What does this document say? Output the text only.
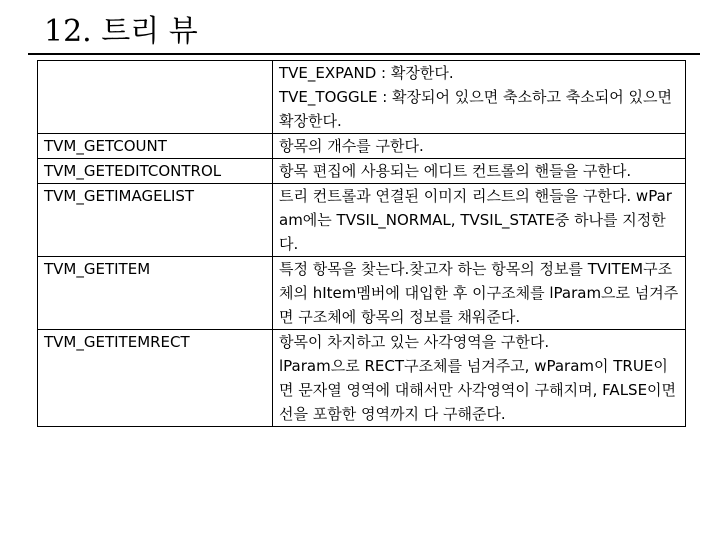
12. 트리 뷰

	TVE_EXPAND : 확장한다.
TVE_TOGGLE : 확장되어 있으면 축소하고 축소되어 있으면 확장한다.

TVM_GETCOUNT	항목의 개수를 구한다.

TVM_GETEDITCONTROL	항목 편집에 사용되는 에디트 컨트롤의 핸들을 구한다.

TVM_GETIMAGELIST	트리 컨트롤과 연결된 이미지 리스트의 핸들을 구한다. wParam에는 TVSIL_NORMAL, TVSIL_STATE중 하나를 지정한다.

TVM_GETITEM	특정 항목을 찾는다.찾고자 하는 항목의 정보를 TVITEM구조체의 hItem멤버에 대입한 후 이구조체를 lParam으로 넘겨주면 구조체에 항목의 정보를 채워준다.

TVM_GETITEMRECT	항목이 차지하고 있는 사각영역을 구한다.
lParam으로 RECT구조체를 넘겨주고, wParam이 TRUE이면 문자열 영역에 대해서만 사각영역이 구해지며, FALSE이면 선을 포함한 영역까지 다 구해준다.
